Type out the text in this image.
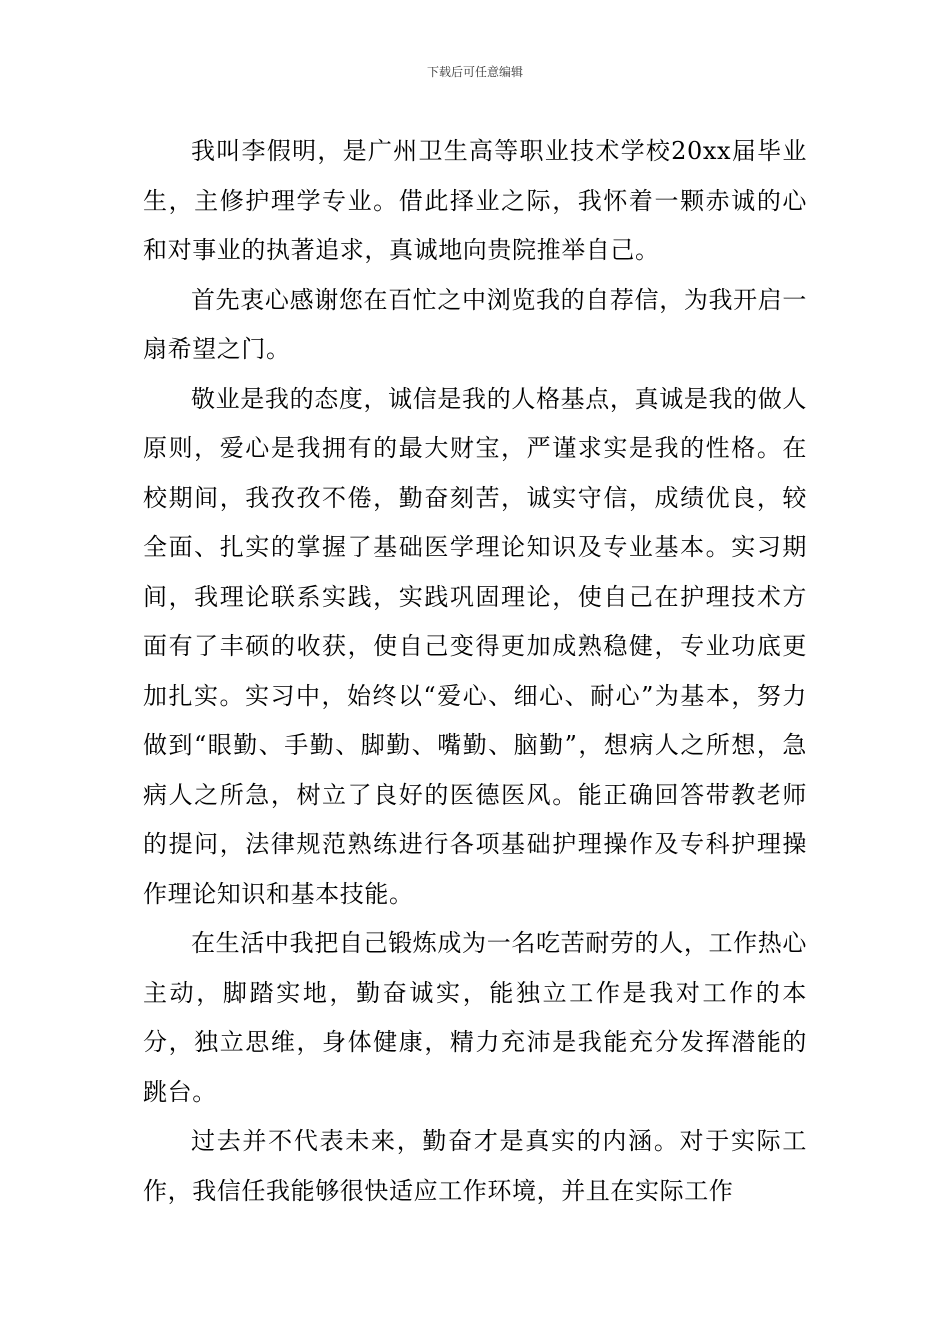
下载后可任意编辑

我叫李假明，是广州卫生高等职业技术学校20xx届毕业生，主修护理学专业。借此择业之际，我怀着一颗赤诚的心和对事业的执著追求，真诚地向贵院推举自己。

首先衷心感谢您在百忙之中浏览我的自荐信，为我开启一扇希望之门。

敬业是我的态度，诚信是我的人格基点，真诚是我的做人原则，爱心是我拥有的最大财宝，严谨求实是我的性格。在校期间，我孜孜不倦，勤奋刻苦，诚实守信，成绩优良，较全面、扎实的掌握了基础医学理论知识及专业基本。实习期间，我理论联系实践，实践巩固理论，使自己在护理技术方面有了丰硕的收获，使自己变得更加成熟稳健，专业功底更加扎实。实习中，始终以“爱心、细心、耐心”为基本，努力做到“眼勤、手勤、脚勤、嘴勤、脑勤”，想病人之所想，急病人之所急，树立了良好的医德医风。能正确回答带教老师的提问，法律规范熟练进行各项基础护理操作及专科护理操作理论知识和基本技能。

在生活中我把自己锻炼成为一名吃苦耐劳的人，工作热心主动，脚踏实地，勤奋诚实，能独立工作是我对工作的本分，独立思维，身体健康，精力充沛是我能充分发挥潜能的跳台。

过去并不代表未来，勤奋才是真实的内涵。对于实际工作，我信任我能够很快适应工作环境，并且在实际工作
